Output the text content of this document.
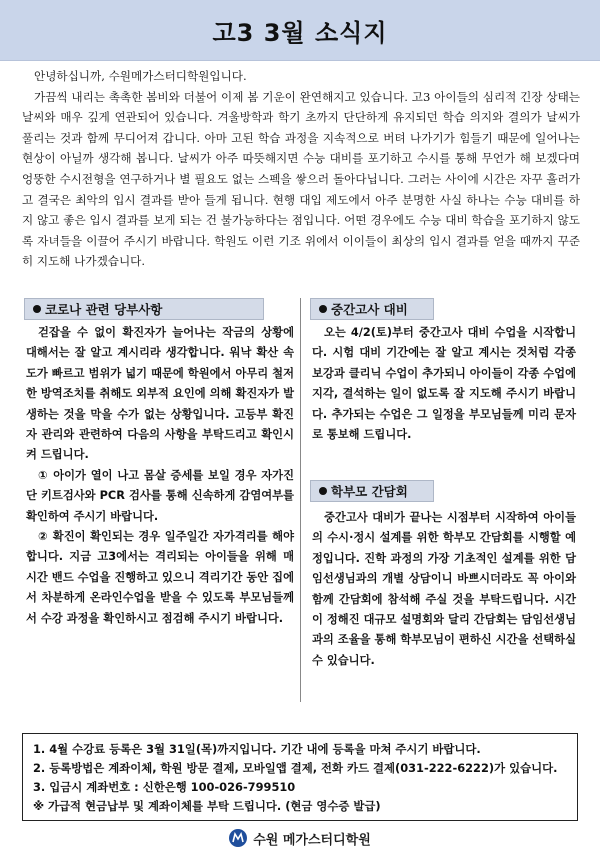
고3 3월 소식지

안녕하십니까, 수원메가스터디학원입니다.

가끔씩 내리는 촉촉한 봄비와 더불어 이제 봄 기운이 완연해지고 있습니다. 고3 아이들의 심리적 긴장 상태는 날씨와 매우 깊게 연관되어 있습니다. 겨울방학과 학기 초까지 단단하게 유지되던 학습 의지와 결의가 날씨가 풀리는 것과 함께 무디어져 갑니다. 아마 고된 학습 과정을 지속적으로 버텨 나가기가 힘들기 때문에 일어나는 현상이 아닐까 생각해 봅니다. 날씨가 아주 따뜻해지면 수능 대비를 포기하고 수시를 통해 무언가 해 보겠다며 엉뚱한 수시전형을 연구하거나 별 필요도 없는 스펙을 쌓으러 돌아다닙니다. 그러는 사이에 시간은 자꾸 흘러가고 결국은 최악의 입시 결과를 받아 들게 됩니다. 현행 대입 제도에서 아주 분명한 사실 하나는 수능 대비를 하지 않고 좋은 입시 결과를 보게 되는 건 불가능하다는 점입니다. 어떤 경우에도 수능 대비 학습을 포기하지 않도록 자녀들을 이끌어 주시기 바랍니다. 학원도 이런 기조 위에서 이이들이 최상의 입시 결과를 얻을 때까지 꾸준히 지도해 나가겠습니다.

코로나 관련 당부사항

걷잡을 수 없이 확진자가 늘어나는 작금의 상황에 대해서는 잘 알고 계시리라 생각합니다. 워낙 확산 속도가 빠르고 범위가 넓기 때문에 학원에서 아무리 철저한 방역조치를 취해도 외부적 요인에 의해 확진자가 발생하는 것을 막을 수가 없는 상황입니다. 고등부 확진자 관리와 관련하여 다음의 사항을 부탁드리고 확인시켜 드립니다.

① 아이가 열이 나고 몸살 증세를 보일 경우 자가진단 키트검사와 PCR 검사를 통해 신속하게 감염여부를 확인하여 주시기 바랍니다.

② 확진이 확인되는 경우 일주일간 자가격리를 해야 합니다. 지금 고3에서는 격리되는 아이들을 위해 매 시간 밴드 수업을 진행하고 있으니 격리기간 동안 집에서 차분하게 온라인수업을 받을 수 있도록 부모님들께서 수강 과정을 확인하시고 점검해 주시기 바랍니다.

중간고사 대비

오는 4/2(토)부터 중간고사 대비 수업을 시작합니다. 시험 대비 기간에는 잘 알고 계시는 것처럼 각종 보강과 클리닉 수업이 추가되니 아이들이 각종 수업에 지각, 결석하는 일이 없도록 잘 지도해 주시기 바랍니다. 추가되는 수업은 그 일정을 부모님들께 미리 문자로 통보해 드립니다.

학부모 간담회

중간고사 대비가 끝나는 시점부터 시작하여 아이들의 수시·정시 설계를 위한 학부모 간담회를 시행할 예정입니다. 진학 과정의 가장 기초적인 설계를 위한 담임선생님과의 개별 상담이니 바쁘시더라도 꼭 아이와 함께 간담회에 참석해 주실 것을 부탁드립니다. 시간이 정해진 대규모 설명회와 달리 간담회는 담임선생님과의 조율을 통해 학부모님이 편하신 시간을 선택하실 수 있습니다.

1. 4월 수강료 등록은 3월 31일(목)까지입니다. 기간 내에 등록을 마쳐 주시기 바랍니다.
2. 등록방법은 계좌이체, 학원 방문 결제, 모바일앱 결제, 전화 카드 결제(031-222-6222)가 있습니다.
3. 입금시 계좌번호 : 신한은행 100-026-799510
※ 가급적 현금납부 및 계좌이체를 부탁 드립니다. (현금 영수증 발급)
수원 메가스터디학원
